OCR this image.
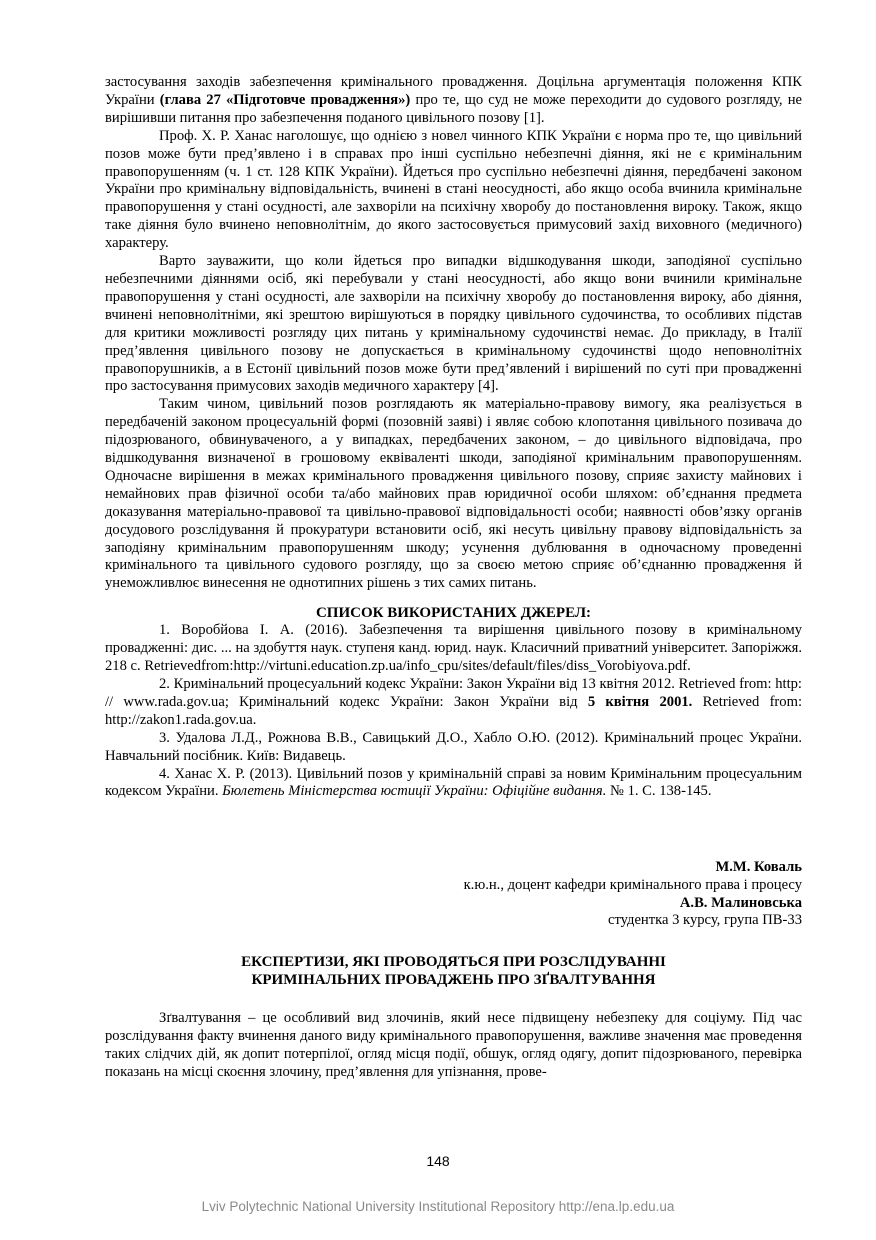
застосування заходів забезпечення кримінального провадження. Доцільна аргументація положення КПК України (глава 27 «Підготовче провадження») про те, що суд не може переходити до судового розгляду, не вирішивши питання про забезпечення поданого цивільного позову [1].

Проф. Х. Р. Ханас наголошує, що однією з новел чинного КПК України є норма про те, що цивільний позов може бути пред’явлено і в справах про інші суспільно небезпечні діяння, які не є кримінальним правопорушенням (ч. 1 ст. 128 КПК України). Йдеться про суспільно небезпечні діяння, передбачені законом України про кримінальну відповідальність, вчинені в стані неосудності, або якщо особа вчинила кримінальне правопорушення у стані осудності, але захворіли на психічну хворобу до постановлення вироку. Також, якщо таке діяння було вчинено неповнолітнім, до якого застосовується примусовий захід виховного (медичного) характеру.

Варто зауважити, що коли йдеться про випадки відшкодування шкоди, заподіяної суспільно небезпечними діяннями осіб, які перебували у стані неосудності, або якщо вони вчинили кримінальне правопорушення у стані осудності, але захворіли на психічну хворобу до постановлення вироку, або діяння, вчинені неповнолітніми, які зрештою вирішуються в порядку цивільного судочинства, то особливих підстав для критики можливості розгляду цих питань у кримінальному судочинстві немає. До прикладу, в Італії пред’явлення цивільного позову не допускається в кримінальному судочинстві щодо неповнолітніх правопорушників, а в Естонії цивільний позов може бути пред’явлений і вирішений по суті при провадженні про застосування примусових заходів медичного характеру [4].

Таким чином, цивільний позов розглядають як матеріально-правову вимогу, яка реалізується в передбаченій законом процесуальній формі (позовній заяві) і являє собою клопотання цивільного позивача до підозрюваного, обвинуваченого, а у випадках, передбачених законом, – до цивільного відповідача, про відшкодування визначеної в грошовому еквіваленті шкоди, заподіяної кримінальним правопорушенням. Одночасне вирішення в межах кримінального провадження цивільного позову, сприяє захисту майнових і немайнових прав фізичної особи та/або майнових прав юридичної особи шляхом: об’єднання предмета доказування матеріально-правової та цивільно-правової відповідальності особи; наявності обов’язку органів досудового розслідування й прокуратури встановити осіб, які несуть цивільну правову відповідальність за заподіяну кримінальним правопорушенням шкоду; усунення дублювання в одночасному проведенні кримінального та цивільного судового розгляду, що за своєю метою сприяє об’єднанню провадження й унеможливлює винесення не однотипних рішень з тих самих питань.

СПИСОК ВИКОРИСТАНИХ ДЖЕРЕЛ:

1. Воробйова І. А. (2016). Забезпечення та вирішення цивільного позову в кримінальному провадженні: дис. ... на здобуття наук. ступеня канд. юрид. наук. Класичний приватний університет. Запоріжжя. 218 с. Retrievedfrom:http://virtuni.education.zp.ua/info_cpu/sites/default/files/diss_Vorobiyova.pdf.

2. Кримінальний процесуальний кодекс України: Закон України від 13 квітня 2012. Retrieved from: http: // www.rada.gov.ua; Кримінальний кодекс України: Закон України від 5 квітня 2001. Retrieved from: http://zakon1.rada.gov.ua.

3. Удалова Л.Д., Рожнова В.В., Савицький Д.О., Хабло О.Ю. (2012). Кримінальний процес України. Навчальний посібник. Київ: Видавець.

4. Ханас Х. Р. (2013). Цивільний позов у кримінальній справі за новим Кримінальним процесуальним кодексом України. Бюлетень Міністерства юстиції України: Офіційне видання. № 1. С. 138-145.

М.М. Коваль
к.ю.н., доцент кафедри кримінального права і процесу
А.В. Малиновська
студентка 3 курсу, група ПВ-33
ЕКСПЕРТИЗИ, ЯКІ ПРОВОДЯТЬСЯ ПРИ РОЗСЛІДУВАННІ
КРИМІНАЛЬНИХ ПРОВАДЖЕНЬ ПРО ЗҐВАЛТУВАННЯ

Зґвалтування – це особливий вид злочинів, який несе підвищену небезпеку для соціуму. Під час розслідування факту вчинення даного виду кримінального правопорушення, важливе значення має проведення таких слідчих дій, як допит потерпілої, огляд місця події, обшук, огляд одягу, допит підозрюваного, перевірка показань на місці скоєння злочину, пред’явлення для упізнання, прове-

148
Lviv Polytechnic National University Institutional Repository http://ena.lp.edu.ua
